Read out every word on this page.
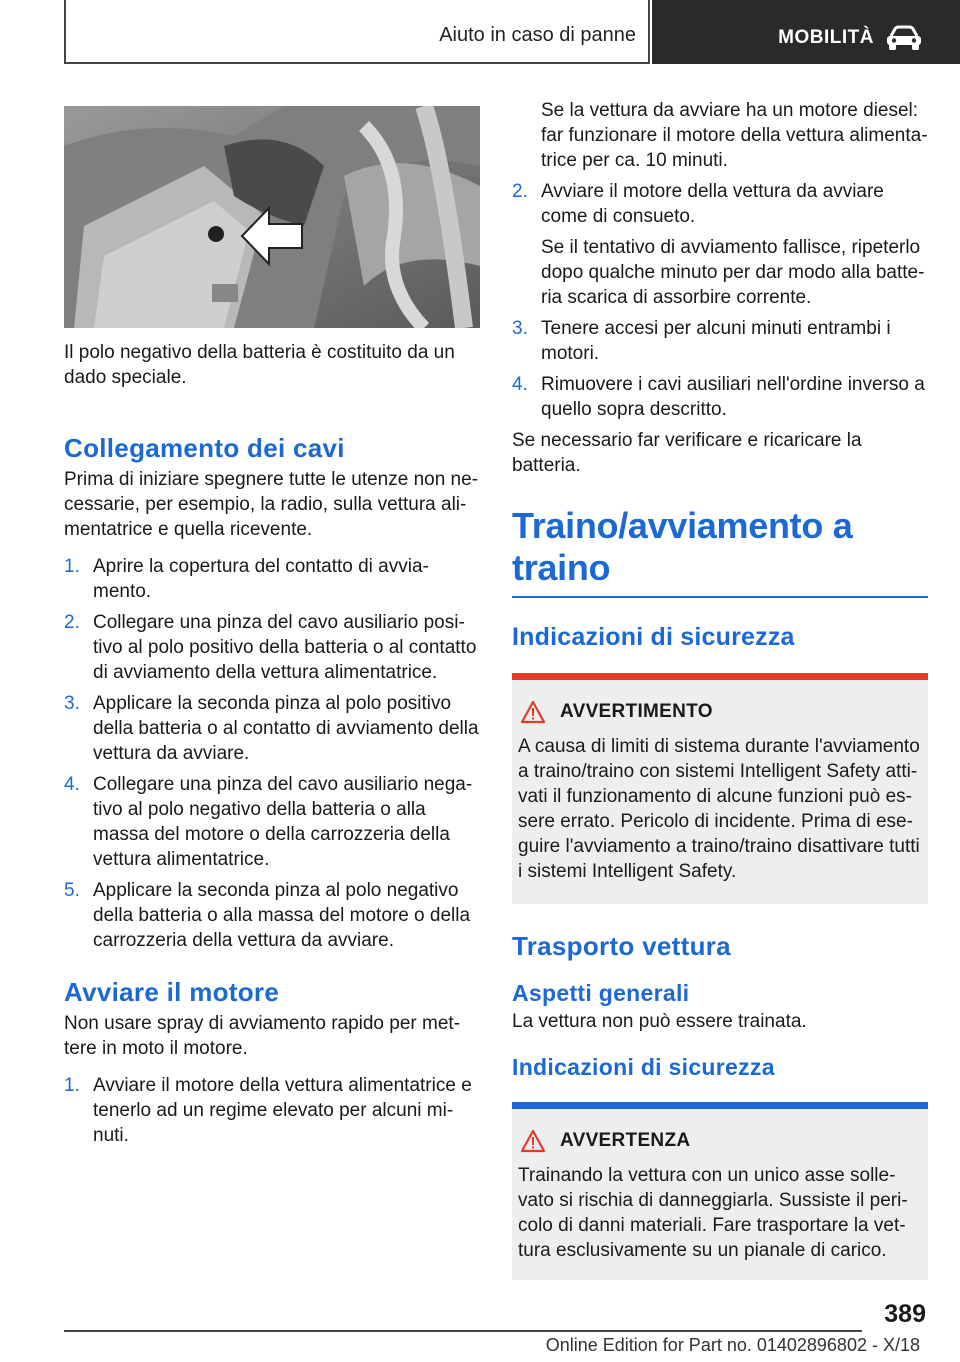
Aiuto in caso di panne	MOBILITÀ

Il polo negativo della batteria è costituito da un dado speciale.

Collegamento dei cavi

Prima di iniziare spegnere tutte le utenze non necessarie, per esempio, la radio, sulla vettura alimentatrice e quella ricevente.

1. Aprire la copertura del contatto di avviamento.
2. Collegare una pinza del cavo ausiliario positivo al polo positivo della batteria o al contatto di avviamento della vettura alimentatrice.
3. Applicare la seconda pinza al polo positivo della batteria o al contatto di avviamento della vettura da avviare.
4. Collegare una pinza del cavo ausiliario negativo al polo negativo della batteria o alla massa del motore o della carrozzeria della vettura alimentatrice.
5. Applicare la seconda pinza al polo negativo della batteria o alla massa del motore o della carrozzeria della vettura da avviare.
Avviare il motore

Non usare spray di avviamento rapido per mettere in moto il motore.

1. Avviare il motore della vettura alimentatrice e tenerlo ad un regime elevato per alcuni minuti.

Se la vettura da avviare ha un motore diesel: far funzionare il motore della vettura alimentatrice per ca. 10 minuti.

2. Avviare il motore della vettura da avviare come di consueto.

Se il tentativo di avviamento fallisce, ripeterlo dopo qualche minuto per dar modo alla batteria scarica di assorbire corrente.

3. Tenere accesi per alcuni minuti entrambi i motori.
4. Rimuovere i cavi ausiliari nell'ordine inverso a quello sopra descritto.

Se necessario far verificare e ricaricare la batteria.

Traino/avviamento a traino
Indicazioni di sicurezza
AVVERTIMENTO

A causa di limiti di sistema durante l'avviamento a traino/traino con sistemi Intelligent Safety attivati il funzionamento di alcune funzioni può essere errato. Pericolo di incidente. Prima di eseguire l'avviamento a traino/traino disattivare tutti i sistemi Intelligent Safety.

Trasporto vettura
Aspetti generali

La vettura non può essere trainata.

Indicazioni di sicurezza
AVVERTENZA

Trainando la vettura con un unico asse sollevato si rischia di danneggiarla. Sussiste il pericolo di danni materiali. Fare trasportare la vettura esclusivamente su un pianale di carico.

389
Online Edition for Part no. 01402896802 - X/18
